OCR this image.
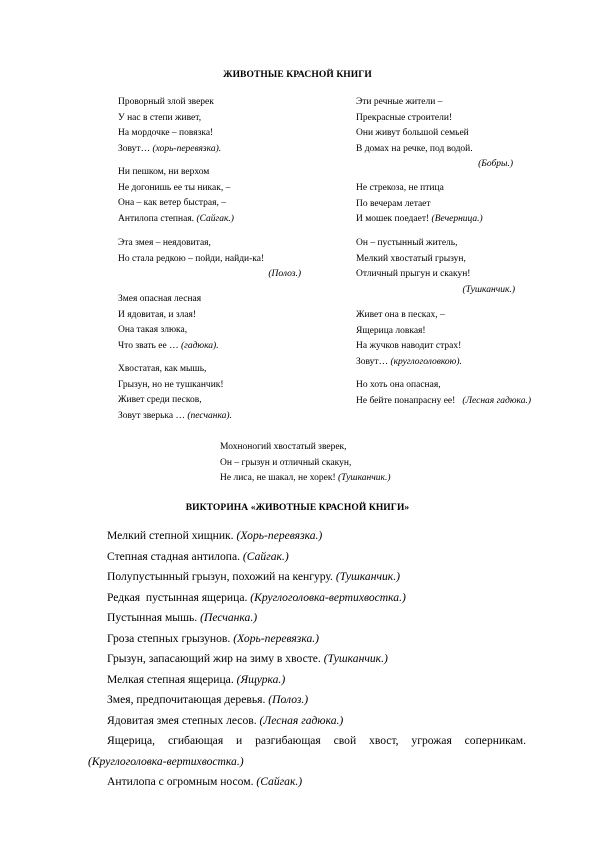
ЖИВОТНЫЕ КРАСНОЙ КНИГИ
Проворный злой зверек
У нас в степи живет,
На мордочке – повязка!
Зовут… (хорь-перевязка).
Ни пешком, ни верхом
Не догонишь ее ты никак, –
Она – как ветер быстрая, –
Антилопа степная. (Сайгак.)
Эта змея – неядовитая,
Но стала редкою – пойди, найди-ка!
(Полоз.)
Змея опасная лесная
И ядовитая, и злая!
Она такая злюка,
Что звать ее … (гадюка).
Хвостатая, как мышь,
Грызун, но не тушканчик!
Живет среди песков,
Зовут зверька … (песчанка).
Эти речные жители –
Прекрасные строители!
Они живут большой семьей
В домах на речке, под водой.
(Бобры.)
Не стрекоза, не птица
По вечерам летает
И мошек поедает! (Вечерница.)
Он – пустынный житель,
Мелкий хвостатый грызун,
Отличный прыгун и скакун!
(Тушканчик.)
Живет она в песках, –
Ящерица ловкая!
На жучков наводит страх!
Зовут… (круглоголовкою).
Но хоть она опасная,
Не бейте понапрасну ее!   (Лесная гадюка.)
Мохноногий хвостатый зверек,
Он – грызун и отличный скакун,
Не лиса, не шакал, не хорек! (Тушканчик.)
ВИКТОРИНА «ЖИВОТНЫЕ КРАСНОЙ КНИГИ»
Мелкий степной хищник. (Хорь-перевязка.)
Степная стадная антилопа. (Сайгак.)
Полупустынный грызун, похожий на кенгуру. (Тушканчик.)
Редкая  пустынная ящерица. (Круглоголовка-вертихвостка.)
Пустынная мышь. (Песчанка.)
Гроза степных грызунов. (Хорь-перевязка.)
Грызун, запасающий жир на зиму в хвосте. (Тушканчик.)
Мелкая степная ящерица. (Ящурка.)
Змея, предпочитающая деревья. (Полоз.)
Ядовитая змея степных лесов. (Лесная гадюка.)
Ящерица, сгибающая и разгибающая свой хвост, угрожая соперникам.
(Круглоголовка-вертихвостка.)
Антилопа с огромным носом. (Сайгак.)
